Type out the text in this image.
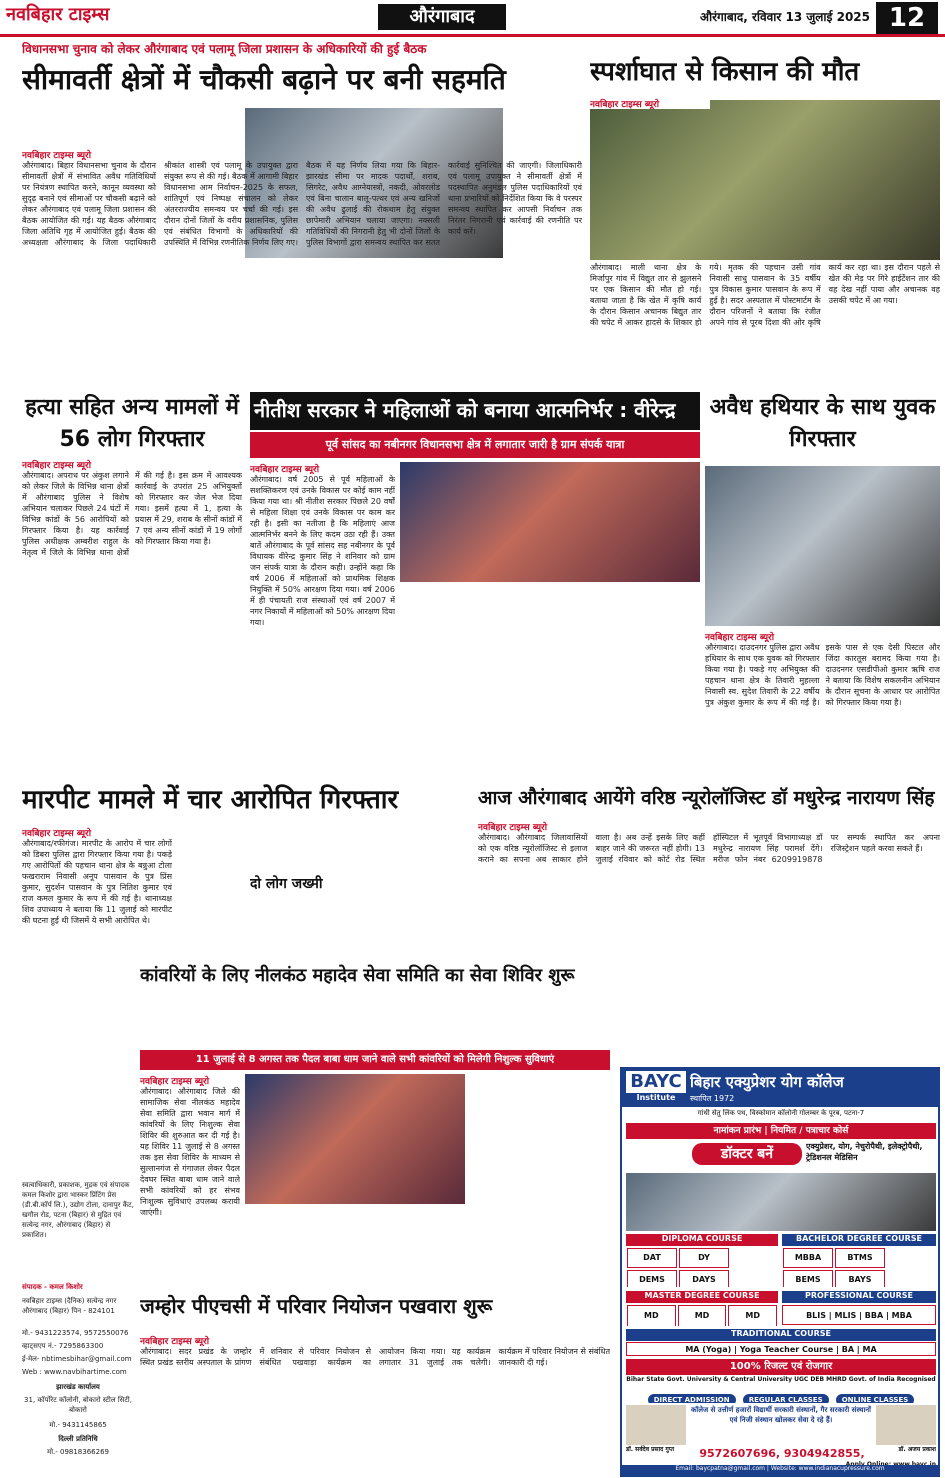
नवबिहार टाइम्स	औरंगाबाद	औरंगाबाद, रविवार 13 जुलाई 2025 12
विधानसभा चुनाव को लेकर औरंगाबाद एवं पलामू जिला प्रशासन के अधिकारियों की हुई बैठक
सीमावर्ती क्षेत्रों में चौकसी बढ़ाने पर बनी सहमति
नवबिहार टाइम्स ब्यूरो
औरंगाबाद। बिहार विधानसभा चुनाव के दौरान सीमावर्ती क्षेत्रों में संभावित अवैध गतिविधियों पर नियंत्रण स्थापित करने, कानून व्यवस्था को सुदृढ़ बनाने एवं सीमाओं पर चौकसी बढ़ाने को लेकर औरंगाबाद एवं पलामू जिला प्रशासन की बैठक आयोजित की गई। यह बैठक औरंगाबाद जिला अतिथि गृह में आयोजित हुई। बैठक की अध्यक्षता औरंगाबाद के जिला पदाधिकारी श्रीकांत शास्त्री एवं पलामू के उपायुक्त द्वारा संयुक्त रूप से की गई। बैठक में आगामी बिहार विधानसभा आम निर्वाचन-2025 के सफल, शांतिपूर्ण एवं निष्पक्ष संचालन को लेकर अंतरराज्यीय समन्वय पर चर्चा की गई। इस दौरान दोनों जिलों के वरीय प्रशासनिक, पुलिस एवं संबंधित विभागों के अधिकारियों की उपस्थिति में विभिन्न रणनीतिक निर्णय लिए गए। बैठक में यह निर्णय लिया गया कि बिहार-झारखंड सीमा पर मादक पदार्थों, शराब, सिगरेट, अवैध आग्नेयास्त्रों, नकदी, ओवरलोड एवं बिना चालान बालू-पत्थर एवं अन्य खनिजों की अवैध ढुलाई की रोकथाम हेतु संयुक्त छापेमारी अभियान चलाया जाएगा। नक्सली गतिविधियों की निगरानी हेतु भी दोनों जिलों के पुलिस विभागों द्वारा समन्वय स्थापित कर सतत कार्रवाई सुनिश्चित की जाएगी। जिलाधिकारी एवं पलामू उपायुक्त ने सीमावर्ती क्षेत्रों में पदस्थापित अनुमंडल पुलिस पदाधिकारियों एवं थाना प्रभारियों को निर्देशित किया कि वे परस्पर समन्वय स्थापित कर आपसी निर्वाचन तक निरंतर निगरानी एवं कार्रवाई की रणनीति पर कार्य करें।
स्पर्शाघात से किसान की मौत
नवबिहार टाइम्स ब्यूरो
औरंगाबाद। माली थाना क्षेत्र के मिर्जापुर गांव में विद्युत तार से झुलसने पर एक किसान की मौत हो गई। बताया जाता है कि खेत में कृषि कार्य के दौरान किसान अचानक बिद्युत तार की चपेट में आकर हादसे के शिकार हो गये। मृतक की पहचान उसी गांव निवासी साधु पासवान के 35 वर्षीय पुत्र विकास कुमार पासवान के रूप में हुई है। सदर अस्पताल में पोस्टमार्टम के दौरान परिजनों ने बताया कि रंजीत अपने गांव से पूरब दिशा की ओर कृषि कार्य कर रहा था। इस दौरान पहले से खेत की मेड़ पर गिरे हाईटेंशन तार की वह देख नहीं पाया और अचानक वह उसकी चपेट में आ गया।
हत्या सहित अन्य मामलों में 56 लोग गिरफ्तार
नवबिहार टाइम्स ब्यूरो
औरंगाबाद। अपराध पर अंकुश लगाने को लेकर जिले के विभिन्न थाना क्षेत्रों में औरंगाबाद पुलिस ने विशेष अभियान चलाकर पिछले 24 घंटों में विभिन्न कांडों के 56 आरोपियों को गिरफ्तार किया है। यह कार्रवाई पुलिस अधीक्षक अम्बरीश राहुल के नेतृत्व में जिले के विभिन्न थाना क्षेत्रों में की गई है। इस क्रम में आवश्यक कार्रवाई के उपरांत 25 अभियुक्तों को गिरफ्तार कर जेल भेज दिया गया। इसमें हत्या में 1, हत्या के प्रयास में 29, शराब के सीनों कांडों में 7 एवं अन्य सीनों कांडों में 19 लोगों को गिरफ्तार किया गया है।
नीतीश सरकार ने महिलाओं को बनाया आत्मनिर्भर : वीरेन्द्र
पूर्व सांसद का नबीनगर विधानसभा क्षेत्र में लगातार जारी है ग्राम संपर्क यात्रा
नवबिहार टाइम्स ब्यूरो
औरंगाबाद। वर्ष 2005 से पूर्व महिलाओं के सशक्तिकरण एवं उनके विकास पर कोई काम नहीं किया गया था। श्री नीतीश सरकार पिछले 20 वर्षों से महिला शिक्षा एवं उनके विकास पर काम कर रही है। इसी का नतीजा है कि महिलाएं आज आत्मनिर्भर बनने के लिए कदम उठा रही हैं। उक्त बातें औरंगाबाद के पूर्व सांसद सह नबीनगर के पूर्व विधायक वीरेन्द्र कुमार सिंह ने शनिवार को ग्राम जन संपर्क यात्रा के दौरान कही। उन्होंने कहा कि वर्ष 2006 में महिलाओं को प्राथमिक शिक्षक नियुक्ति में 50% आरक्षण दिया गया। वर्ष 2006 में ही पंचायती राज संस्थाओं एवं वर्ष 2007 में नगर निकायों में महिलाओं को 50% आरक्षण दिया गया।
अवैध हथियार के साथ युवक गिरफ्तार
नवबिहार टाइम्स ब्यूरो
औरंगाबाद। दाउदनगर पुलिस द्वारा अवैध हथियार के साथ एक युवक को गिरफ्तार किया गया है। पकड़े गए अभियुक्त की पहचान थाना क्षेत्र के तिवारी मुहल्ला निवासी स्व. सुदेश तिवारी के 22 वर्षीय पुत्र अंकुश कुमार के रूप में की गई है। इसके पास से एक देसी पिस्टल और जिंदा कारतूस बरामद किया गया है। दाउदनगर एसडीपीओ कुमार ऋषि राज ने बताया कि विशेष सकलनीन अभियान के दौरान सूचना के आधार पर आरोपित को गिरफ्तार किया गया है।
मारपीट मामले में चार आरोपित गिरफ्तार
नवबिहार टाइम्स ब्यूरो
औरंगाबाद/रफीगंज। मारपीट के आरोप में चार लोगों को डिबरा पुलिस द्वारा गिरफ्तार किया गया है। पकड़े गए आरोपितों की पहचान थाना क्षेत्र के बन्नुआ टोला फखराराम निवासी अनूप पासवान के पुत्र प्रिंस कुमार, सुदर्शन पासवान के पुत्र नितिश कुमार एवं राज कमल कुमार के रूप में की गई है। थानाध्यक्ष शिव उपाध्याय ने बताया कि 11 जुलाई को मारपीट की घटना हुई थी जिसमें ये सभी आरोपित थे।
आज औरंगाबाद आयेंगे वरिष्ठ न्यूरोलॉजिस्ट डॉ मधुरेन्द्र नारायण सिंह
नवबिहार टाइम्स ब्यूरो
औरंगाबाद। औरंगाबाद जिलावासियों को एक वरिष्ठ न्यूरोलॉजिस्ट से इलाज कराने का सपना अब साकार होने वाला है। अब उन्हें इसके लिए कहीं बाहर जाने की जरूरत नहीं होगी। 13 जुलाई रविवार को कोर्ट रोड स्थित हॉस्पिटल में भूतपूर्व विभागाध्यक्ष डॉ मधुरेन्द्र नारायण सिंह परामर्श देंगे। मरीज फोन नंबर 6209919878 पर सम्पर्क स्थापित कर अपना रजिस्ट्रेशन पहले करवा सकते हैं।
दो लोग जख्मी
कांवरियों के लिए नीलकंठ महादेव सेवा समिति का सेवा शिविर शुरू
11 जुलाई से 8 अगस्त तक पैदल बाबा धाम जाने वाले सभी कांवरियों को मिलेगी निशुल्क सुविधाएं
नवबिहार टाइम्स ब्यूरो
औरंगाबाद। औरंगाबाद जिले की सामाजिक सेवा नीलकंठ महादेव सेवा समिति द्वारा भवान मार्ग में कांवरियों के लिए निःशुल्क सेवा शिविर की शुरुआत कर दी गई है। यह शिविर 11 जुलाई से 8 अगस्त तक इस सेवा शिविर के माध्यम से सुल्तानगंज से गंगाजल लेकर पैदल देवघर स्थित बाबा धाम जाने वाले सभी कांवरियों को हर संभव निःशुल्क सुविधाएं उपलब्ध करायी जाएंगी।
जम्होर पीएचसी में परिवार नियोजन पखवारा शुरू
नवबिहार टाइम्स ब्यूरो
औरंगाबाद। सदर प्रखंड के जम्होर स्थित प्रखंड स्तरीय अस्पताल के प्रांगण में शनिवार से परिवार नियोजन से संबंधित पखवाड़ा कार्यक्रम का आयोजन किया गया। यह कार्यक्रम लगातार 31 जुलाई तक चलेगी। कार्यक्रम में परिवार नियोजन से संबंधित जानकारी दी गई।
स्वत्वाधिकारी, प्रकाशक, मुद्रक एवं संपादक कमल किशोर द्वारा भास्कर प्रिंटिंग प्रेस (डी.बी.कॉर्प लि.), उद्योग टोला, दानापुर कैंट, खगौल रोड, पटना (बिहार) से मुद्रित एवं सत्येन्द्र नगर, औरंगाबाद (बिहार) से प्रकाशित।
संपादक - कमल किशोर
नवबिहार टाइम्स (दैनिक) सत्येन्द्र नगर औरंगाबाद (बिहार) पिन - 824101
मो.- 9431223574, 9572550076
व्हाट्सएप नं.- 7295863300
ई-मेल- nbtimesbihar@gmail.com
Web : www.navbihartime.com
झारखंड कार्यालय
31, कॉर्पोरेट कॉलोनी, बोकारो स्टील सिटी, बोकारो
मो.- 9431145865
दिल्ली प्रतिनिधि
मो.- 09818366269
BAYC
Institute
बिहार एक्युप्रेशर योग कॉलेज
स्थापित 1972
गांधी सेतु लिंक पथ, विस्कोमान कॉलोनी गोलम्बर के पूरब, पटना-7
नामांकन प्रारंभ | नियमित / पत्राचार कोर्स
डॉक्टर बनें	एक्युप्रेशर, योग, नेचुरोपैथी, इलेक्ट्रोपैथी, ट्रेडिशनल मेडिसिन
DIPLOMA COURSE
DAT	DY
DEMS	DAYS
BACHELOR DEGREE COURSE
MBBA	BTMS
BEMS	BAYS
MASTER DEGREE COURSE
MD	MD	MD
PROFESSIONAL COURSE
BLIS | MLIS | BBA | MBA
TRADITIONAL COURSE
MA (Yoga) | Yoga Teacher Course | BA | MA
100% रिजल्ट एवं रोजगार
Bihar State Govt. University & Central University UGC DEB MHRD Govt. of India Recognised
DIRECT ADMISSION	REGULAR CLASSES	ONLINE CLASSES
कॉलेज से उत्तीर्ण हजारों विद्यार्थी सरकारी संस्थानों, गैर सरकारी संस्थानों एवं निजी संस्थान खोलकर सेवा दे रहे हैं।
डॉ. सर्वदेव प्रसाद गुप्त	डॉ. अजय प्रकाश
9572607696, 9304942855,
Email: baycpatna@gmail.com | Website: www.indianacupressure.com
